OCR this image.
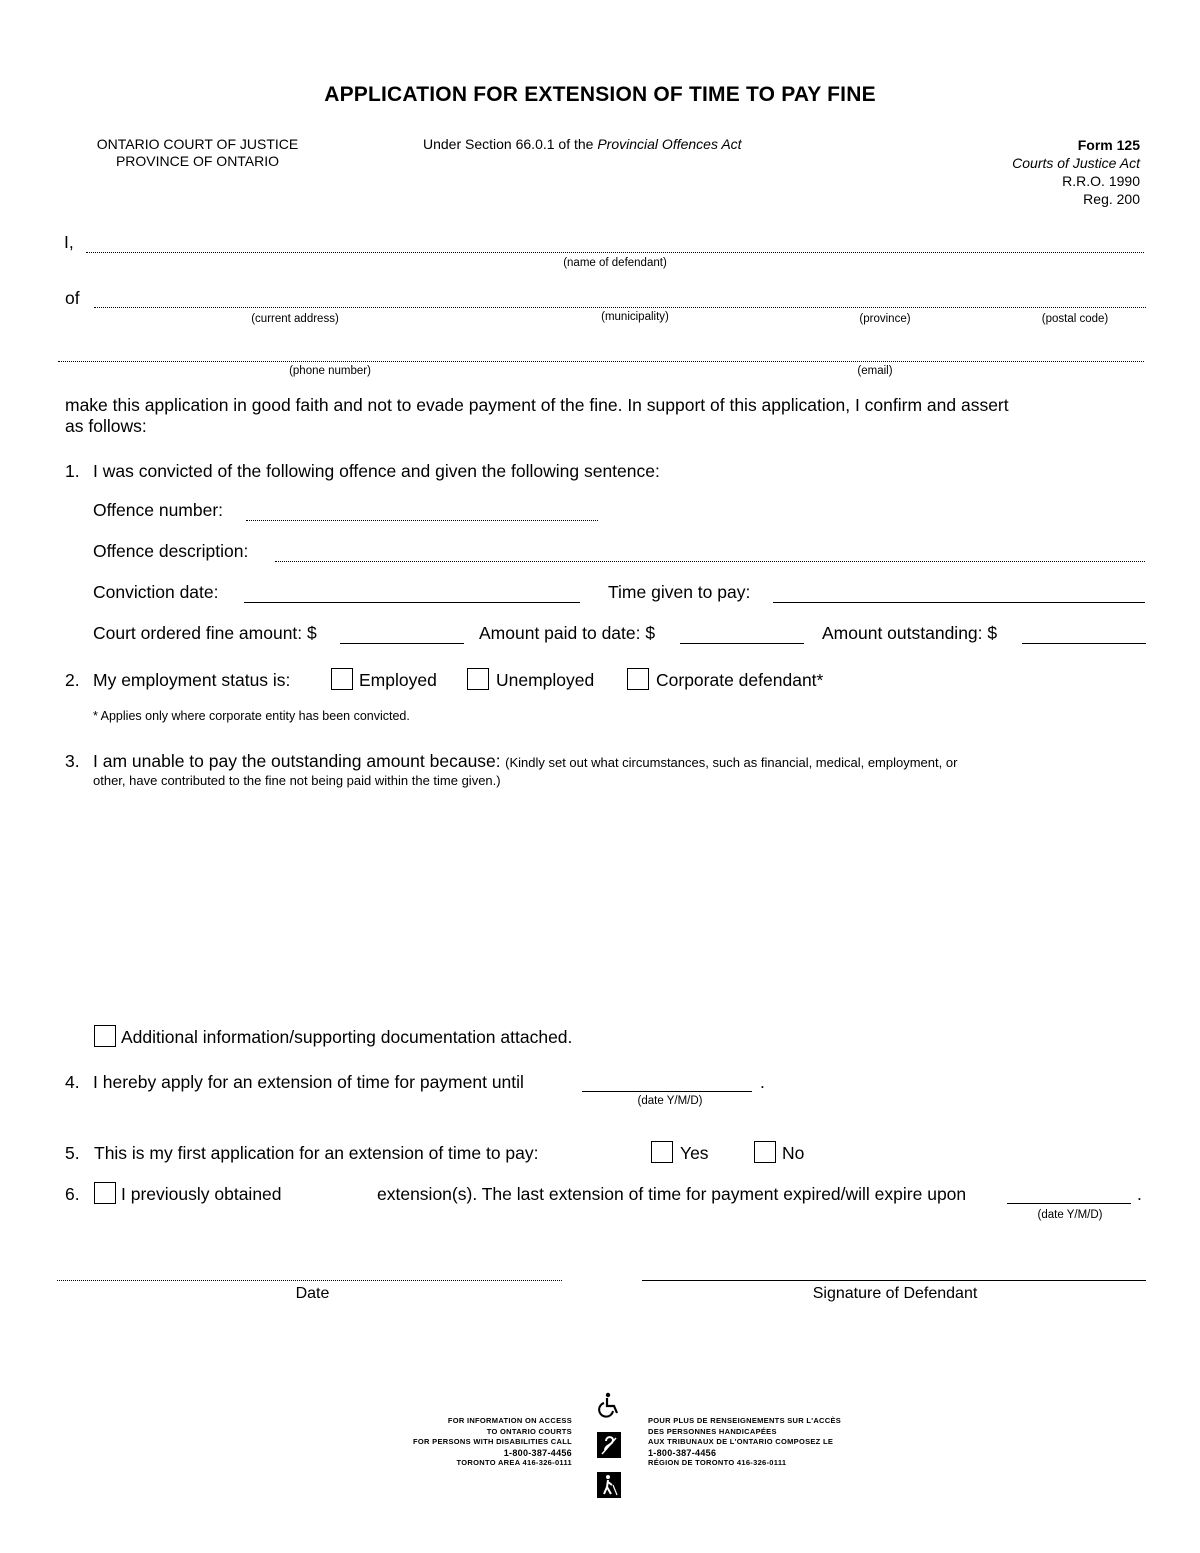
APPLICATION FOR EXTENSION OF TIME TO PAY FINE
ONTARIO COURT OF JUSTICE
PROVINCE OF ONTARIO
Under Section 66.0.1 of the Provincial Offences Act	Form 125
Courts of Justice Act
R.R.O. 1990
Reg. 200
I,
(name of defendant)
of
(current address)	(municipality)	(province)	(postal code)
(phone number)	(email)
make this application in good faith and not to evade payment of the fine. In support of this application, I confirm and assert
as follows:
1. I was convicted of the following offence and given the following sentence:
Offence number:
Offence description:
Conviction date:	Time given to pay:
Court ordered fine amount: $	Amount paid to date: $	Amount outstanding: $
2. My employment status is:	Employed	Unemployed	Corporate defendant*
* Applies only where corporate entity has been convicted.
3. I am unable to pay the outstanding amount because: (Kindly set out what circumstances, such as financial, medical, employment, or
other, have contributed to the fine not being paid within the time given.)
Additional information/supporting documentation attached.
4. I hereby apply for an extension of time for payment until	.
(date Y/M/D)
5. This is my first application for an extension of time to pay:	Yes	No
6. I previously obtained	extension(s). The last extension of time for payment expired/will expire upon	.
(date Y/M/D)
Date	Signature of Defendant
FOR INFORMATION ON ACCESS
TO ONTARIO COURTS
FOR PERSONS WITH DISABILITIES CALL
1-800-387-4456
TORONTO AREA 416-326-0111
POUR PLUS DE RENSEIGNEMENTS SUR L'ACCÈS
DES PERSONNES HANDICAPÉES
AUX TRIBUNAUX DE L'ONTARIO COMPOSEZ LE
1-800-387-4456
RÉGION DE TORONTO 416-326-0111
